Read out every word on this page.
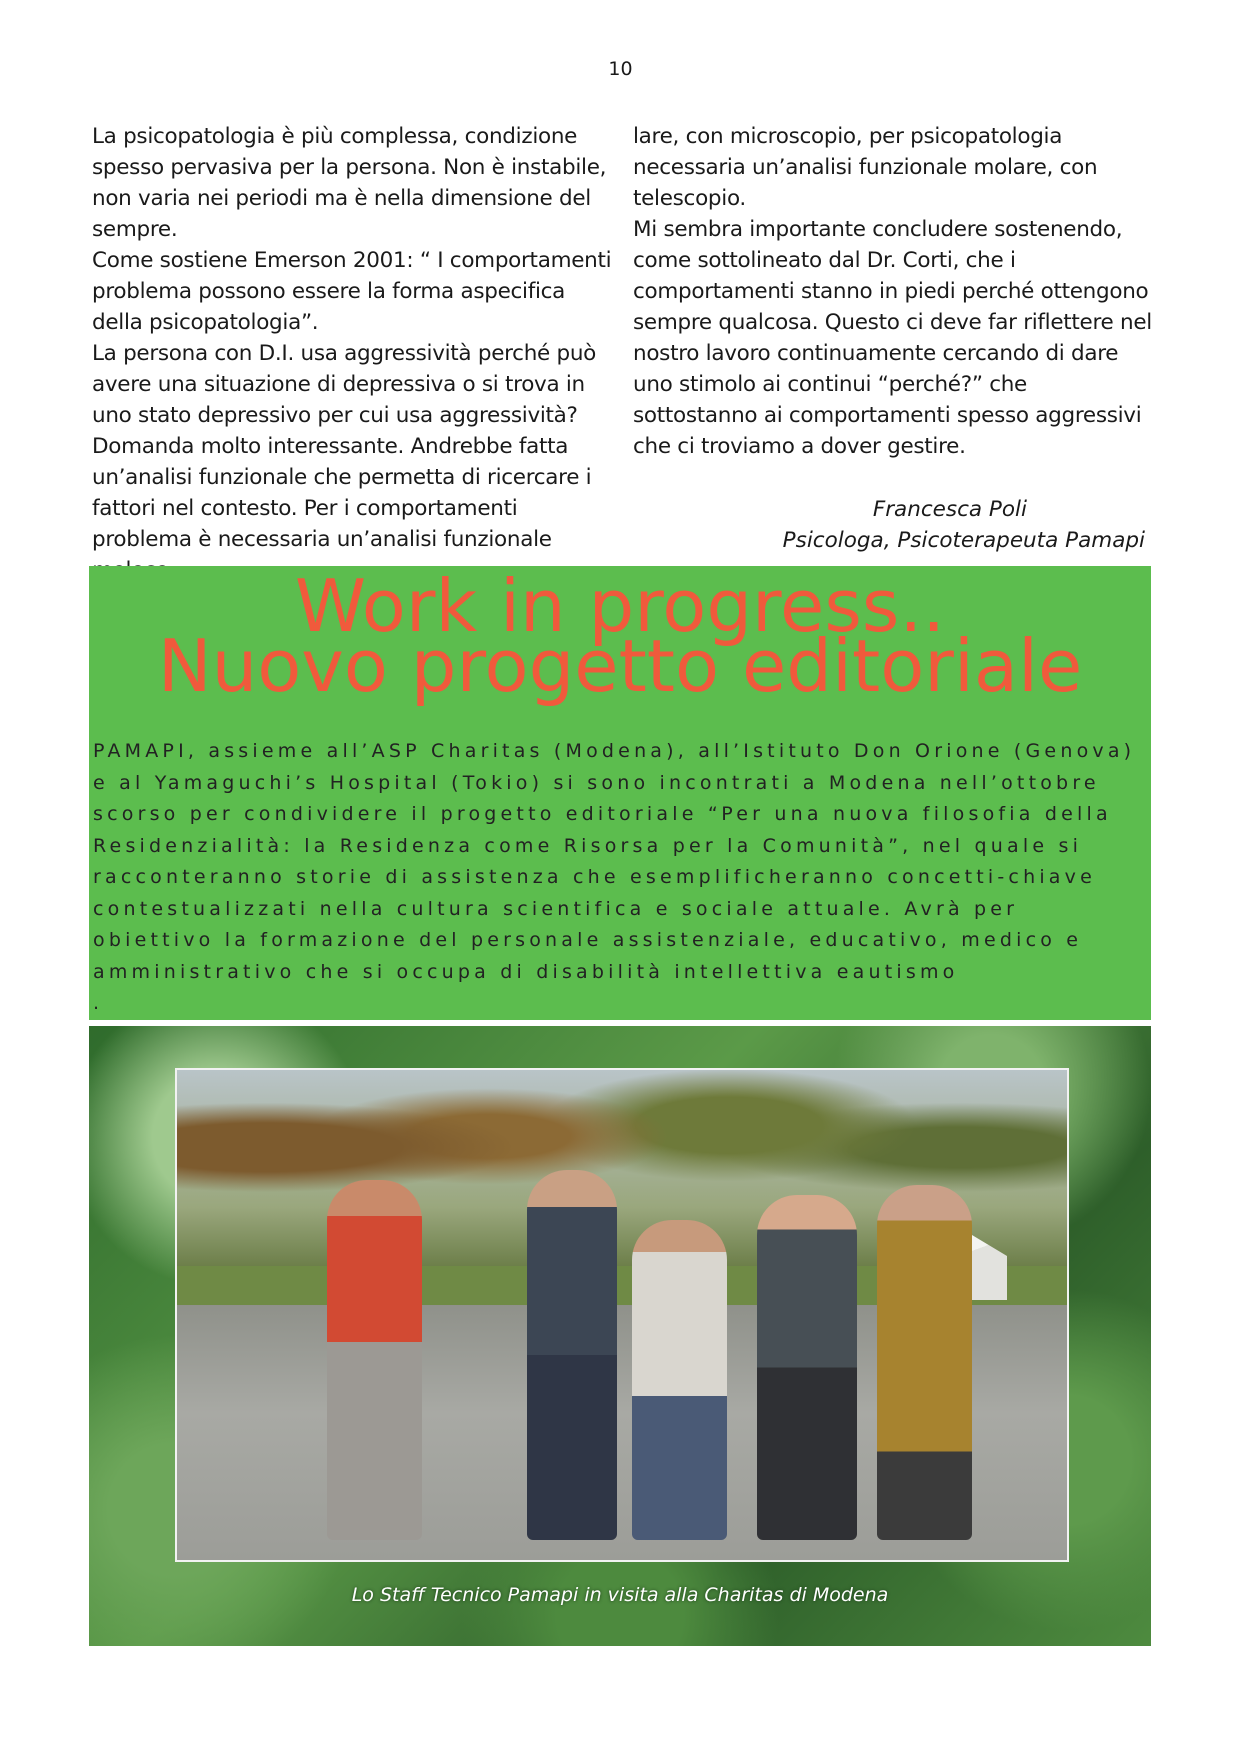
10

La psicopatologia è più complessa, condizione spesso pervasiva per la persona. Non è instabile, non varia nei periodi ma è nella dimensione del sempre.

Come sostiene Emerson 2001: “ I comportamenti problema possono essere la forma aspecifica della psicopatologia”.

La persona con D.I. usa aggressività perché può avere una situazione di depressiva o si trova in uno stato depressivo per cui usa aggressività? Domanda molto interessante. Andrebbe fatta un’analisi funzionale che permetta di ricercare i fattori nel contesto. Per i comportamenti problema è necessaria un’analisi funzionale

lare, con microscopio, per psicopatologia necessaria un’analisi funzionale molare, con telescopio.

Mi sembra importante concludere sostenendo, come sottolineato dal Dr. Corti, che i comportamenti stanno in piedi perché ottengono sempre qualcosa. Questo ci deve far riflettere nel nostro lavoro continuamente cercando di dare uno stimolo ai continui “perché?” che sottostanno ai comportamenti spesso aggressivi che ci troviamo a dover gestire.

Francesca Poli
Psicologa, Psicoterapeuta Pamapi
Work in progress..
Nuovo progetto editoriale
PAMAPI, assieme all’ASP Charitas (Modena), all’Istituto Don Orione (Genova) e al Yamaguchi’s Hospital (Tokio) si sono incontrati a Modena nell’ottobre scorso per condividere il progetto editoriale “Per una nuova filosofia della Residenzialità: la Residenza come Risorsa per la Comunità”, nel quale si racconteranno storie di assistenza che esemplificheranno concetti-chiave contestualizzati nella cultura scientifica e sociale attuale. Avrà per obiettivo la formazione del personale assistenziale, educativo, medico e amministrativo che si occupa di disabilità intellettiva eautismo
.
Lo Staff Tecnico Pamapi in visita alla Charitas di Modena
